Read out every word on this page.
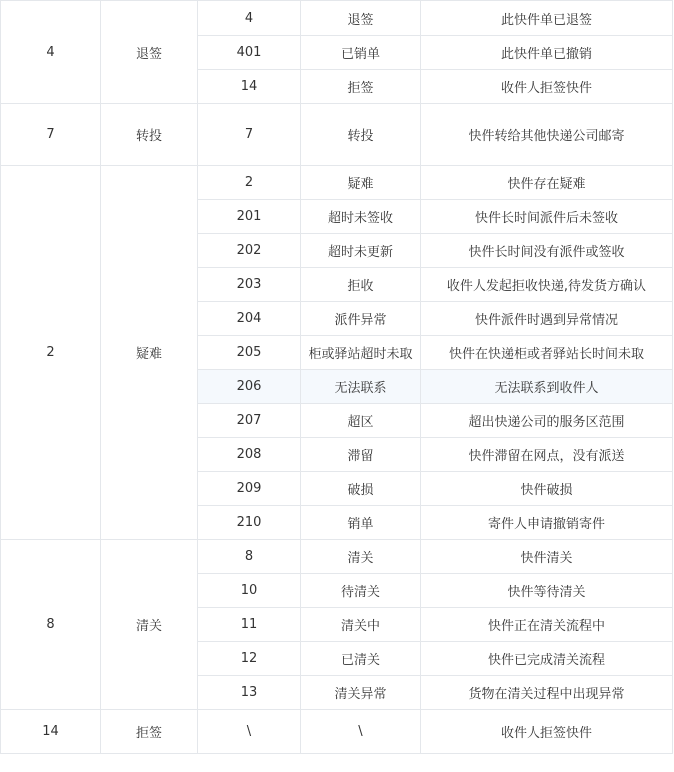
4	退签	4	退签	此快件单已退签
		401	已销单	此快件单已撤销
		14	拒签	收件人拒签快件
7	转投	7	转投	快件转给其他快递公司邮寄
2	疑难	2	疑难	快件存在疑难
		201	超时未签收	快件长时间派件后未签收
		202	超时未更新	快件长时间没有派件或签收
		203	拒收	收件人发起拒收快递,待发货方确认
		204	派件异常	快件派件时遇到异常情况
		205	柜或驿站超时未取	快件在快递柜或者驿站长时间未取
		206	无法联系	无法联系到收件人
		207	超区	超出快递公司的服务区范围
		208	滞留	快件滞留在网点，没有派送
		209	破损	快件破损
		210	销单	寄件人申请撤销寄件
8	清关	8	清关	快件清关
		10	待清关	快件等待清关
		11	清关中	快件正在清关流程中
		12	已清关	快件已完成清关流程
		13	清关异常	货物在清关过程中出现异常
14	拒签	\	\	收件人拒签快件
